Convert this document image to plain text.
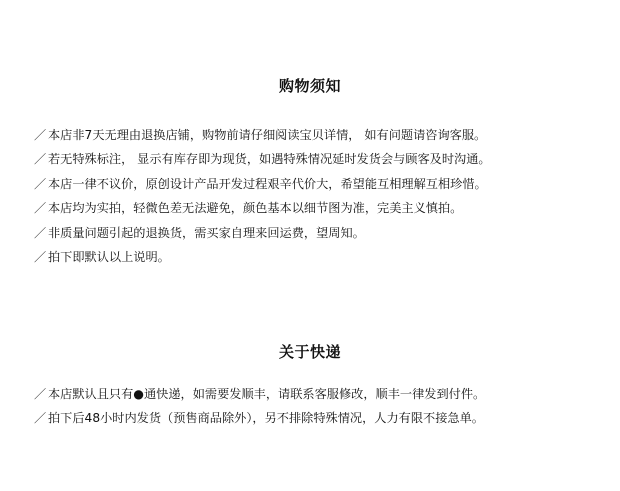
购物须知
／ 本店非7天无理由退换店铺，购物前请仔细阅读宝贝详情， 如有问题请咨询客服。
／ 若无特殊标注， 显示有库存即为现货，如遇特殊情况延时发货会与顾客及时沟通。
／ 本店一律不议价，原创设计产品开发过程艰辛代价大，希望能互相理解互相珍惜。
／ 本店均为实拍，轻微色差无法避免，颜色基本以细节图为准，完美主义慎拍。
／ 非质量问题引起的退换货，需买家自理来回运费，望周知。
／ 拍下即默认以上说明。
关于快递
／ 本店默认且只有●通快递，如需要发顺丰，请联系客服修改，顺丰一律发到付件。
／ 拍下后48小时内发货（预售商品除外），另不排除特殊情况，人力有限不接急单。
